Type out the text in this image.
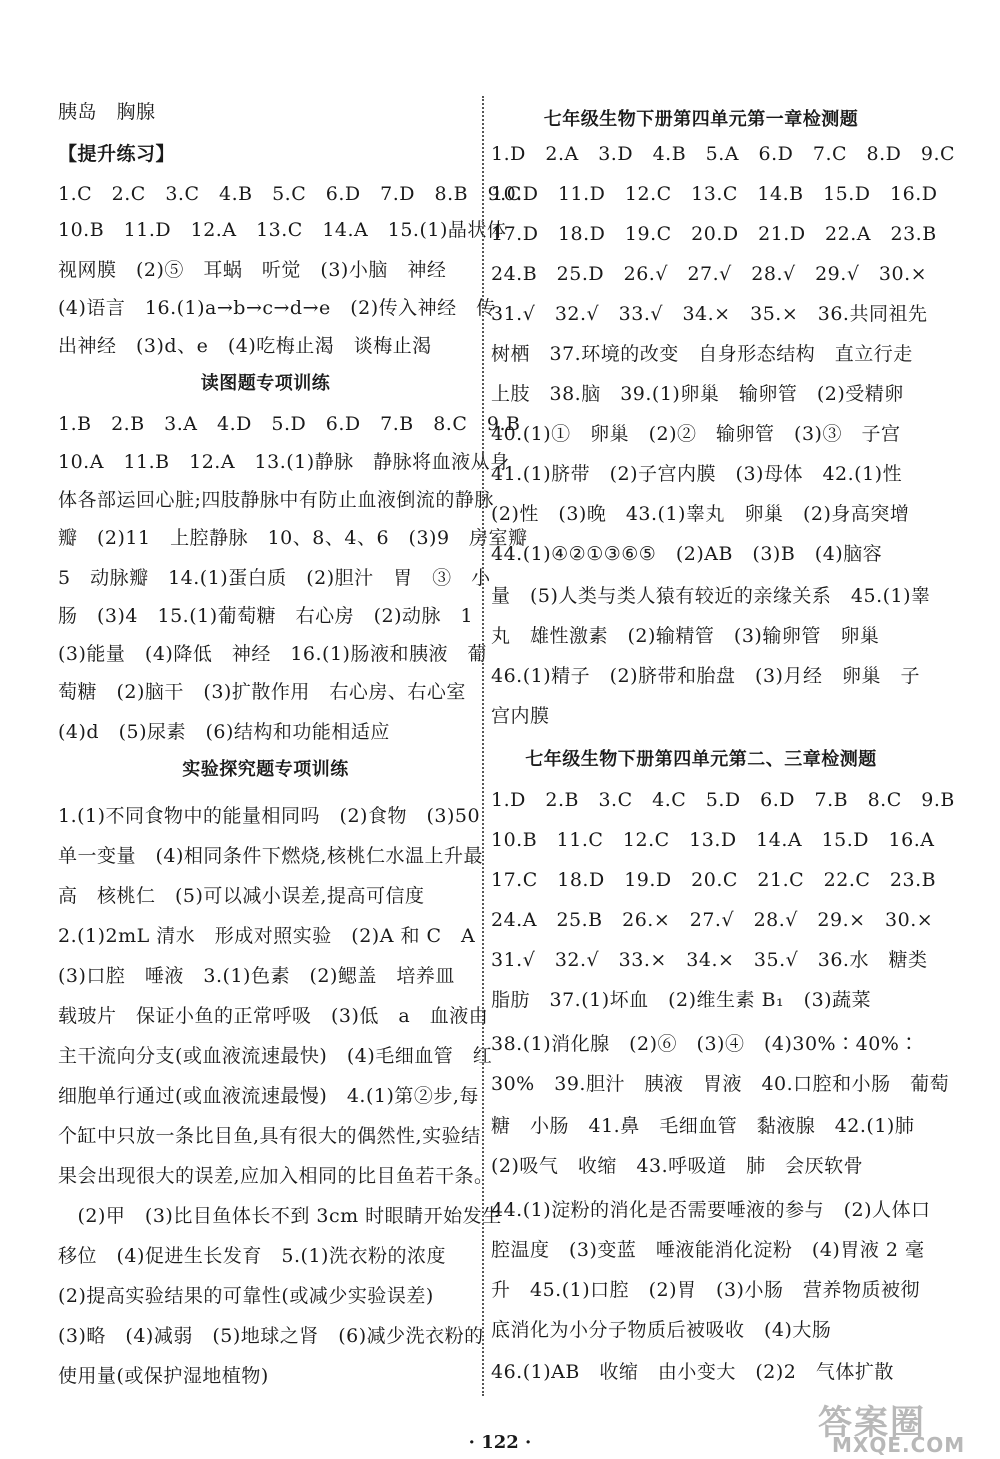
胰岛　胸腺
【提升练习】
1.C　2.C　3.C　4.B　5.C　6.D　7.D　8.B　9.C
10.B　11.D　12.A　13.C　14.A　15.(1)晶状体
视网膜　(2)⑤　耳蜗　听觉　(3)小脑　神经
(4)语言　16.(1)a→b→c→d→e　(2)传入神经　传
出神经　(3)d、e　(4)吃梅止渴　谈梅止渴
读图题专项训练
1.B　2.B　3.A　4.D　5.D　6.D　7.B　8.C　9.B
10.A　11.B　12.A　13.(1)静脉　静脉将血液从身
体各部运回心脏;四肢静脉中有防止血液倒流的静脉
瓣　(2)11　上腔静脉　10、8、4、6　(3)9　房室瓣
5　动脉瓣　14.(1)蛋白质　(2)胆汁　胃　③　小
肠　(3)4　15.(1)葡萄糖　右心房　(2)动脉　1
(3)能量　(4)降低　神经　16.(1)肠液和胰液　葡
萄糖　(2)脑干　(3)扩散作用　右心房、右心室
(4)d　(5)尿素　(6)结构和功能相适应
实验探究题专项训练
1.(1)不同食物中的能量相同吗　(2)食物　(3)50
单一变量　(4)相同条件下燃烧,核桃仁水温上升最
高　核桃仁　(5)可以减小误差,提高可信度
2.(1)2mL 清水　形成对照实验　(2)A 和 C　A
(3)口腔　唾液　3.(1)色素　(2)鳃盖　培养皿
载玻片　保证小鱼的正常呼吸　(3)低　a　血液由
主干流向分支(或血液流速最快)　(4)毛细血管　红
细胞单行通过(或血液流速最慢)　4.(1)第②步,每
个缸中只放一条比目鱼,具有很大的偶然性,实验结
果会出现很大的误差,应加入相同的比目鱼若干条。
　(2)甲　(3)比目鱼体长不到 3cm 时眼睛开始发生
移位　(4)促进生长发育　5.(1)洗衣粉的浓度
(2)提高实验结果的可靠性(或减少实验误差)
(3)略　(4)减弱　(5)地球之肾　(6)减少洗衣粉的
使用量(或保护湿地植物)
七年级生物下册第四单元第一章检测题
1.D　2.A　3.D　4.B　5.A　6.D　7.C　8.D　9.C
10.D　11.D　12.C　13.C　14.B　15.D　16.D
17.D　18.D　19.C　20.D　21.D　22.A　23.B
24.B　25.D　26.√　27.√　28.√　29.√　30.×
31.√　32.√　33.√　34.×　35.×　36.共同祖先
树栖　37.环境的改变　自身形态结构　直立行走
上肢　38.脑　39.(1)卵巢　输卵管　(2)受精卵
40.(1)①　卵巢　(2)②　输卵管　(3)③　子宫
41.(1)脐带　(2)子宫内膜　(3)母体　42.(1)性
(2)性　(3)晚　43.(1)睾丸　卵巢　(2)身高突增
44.(1)④②①③⑥⑤　(2)AB　(3)B　(4)脑容
量　(5)人类与类人猿有较近的亲缘关系　45.(1)睾
丸　雄性激素　(2)输精管　(3)输卵管　卵巢
46.(1)精子　(2)脐带和胎盘　(3)月经　卵巢　子
宫内膜
七年级生物下册第四单元第二、三章检测题
1.D　2.B　3.C　4.C　5.D　6.D　7.B　8.C　9.B
10.B　11.C　12.C　13.D　14.A　15.D　16.A
17.C　18.D　19.D　20.C　21.C　22.C　23.B
24.A　25.B　26.×　27.√　28.√　29.×　30.×
31.√　32.√　33.×　34.×　35.√　36.水　糖类
脂肪　37.(1)坏血　(2)维生素 B₁　(3)蔬菜
38.(1)消化腺　(2)⑥　(3)④　(4)30%∶40%∶
30%　39.胆汁　胰液　胃液　40.口腔和小肠　葡萄
糖　小肠　41.鼻　毛细血管　黏液腺　42.(1)肺
(2)吸气　收缩　43.呼吸道　肺　会厌软骨
44.(1)淀粉的消化是否需要唾液的参与　(2)人体口
腔温度　(3)变蓝　唾液能消化淀粉　(4)胃液 2 毫
升　45.(1)口腔　(2)胃　(3)小肠　营养物质被彻
底消化为小分子物质后被吸收　(4)大肠
46.(1)AB　收缩　由小变大　(2)2　气体扩散
· 122 ·	答案圈
MXQE.COM
